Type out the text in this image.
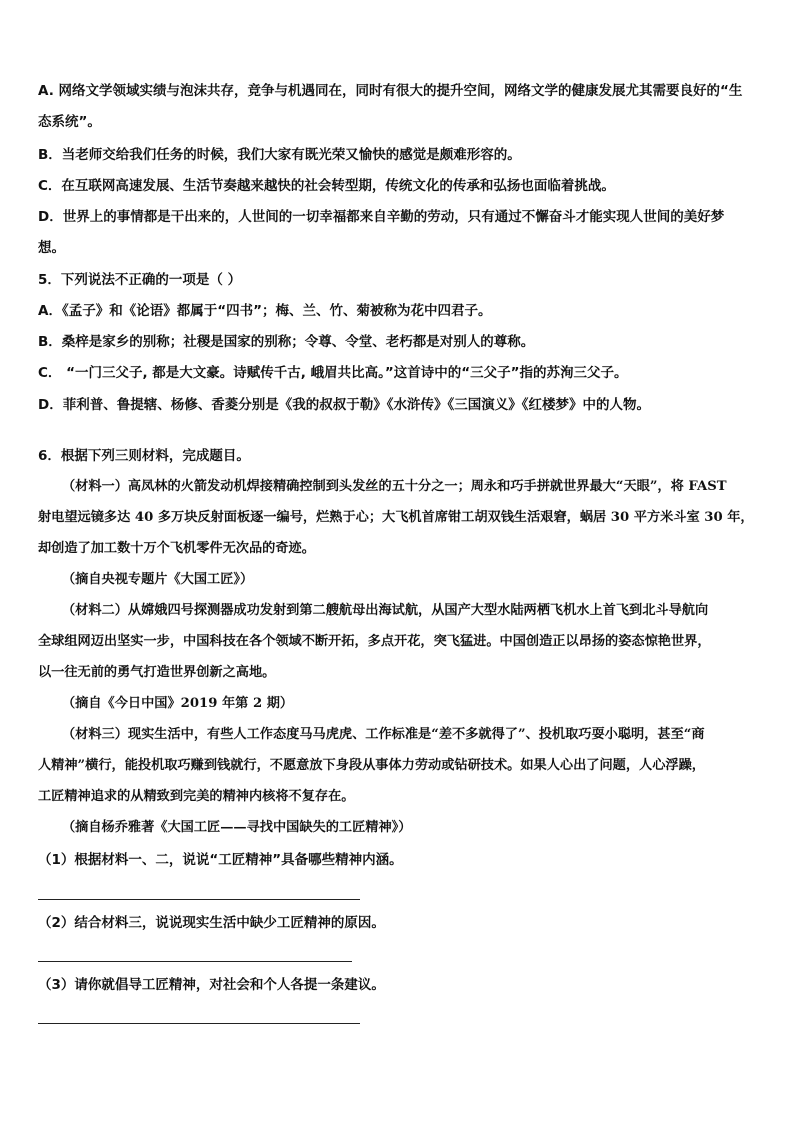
A. 网络文学领域实绩与泡沫共存，竞争与机遇同在，同时有很大的提升空间，网络文学的健康发展尤其需要良好的“生
态系统”。
B．当老师交给我们任务的时候，我们大家有既光荣又愉快的感觉是颇难形容的。
C．在互联网高速发展、生活节奏越来越快的社会转型期，传统文化的传承和弘扬也面临着挑战。
D．世界上的事情都是干出来的，人世间的一切幸福都来自辛勤的劳动，只有通过不懈奋斗才能实现人世间的美好梦
想。
5．下列说法不正确的一项是（ ）
A．《孟子》和《论语》都属于“四书”；梅、兰、竹、菊被称为花中四君子。
B．桑梓是家乡的别称；社稷是国家的别称；令尊、令堂、老朽都是对别人的尊称。
C． “一门三父子, 都是大文豪。诗赋传千古, 峨眉共比高。”这首诗中的“三父子”指的苏洵三父子。
D．菲利普、鲁提辖、杨修、香菱分别是《我的叔叔于勒》《水浒传》《三国演义》《红楼梦》中的人物。
6．根据下列三则材料，完成题目。
（材料一）高凤林的火箭发动机焊接精确控制到头发丝的五十分之一；周永和巧手拼就世界最大“天眼”，将 FAST
射电望远镜多达 40 多万块反射面板逐一编号，烂熟于心；大飞机首席钳工胡双钱生活艰窘，蜗居 30 平方米斗室 30 年，
却创造了加工数十万个飞机零件无次品的奇迹。
（摘自央视专题片《大国工匠》）
（材料二）从嫦娥四号探测器成功发射到第二艘航母出海试航，从国产大型水陆两栖飞机水上首飞到北斗导航向
全球组网迈出坚实一步，中国科技在各个领域不断开拓，多点开花，突飞猛进。中国创造正以昂扬的姿态惊艳世界，
以一往无前的勇气打造世界创新之高地。
（摘自《今日中国》2019 年第 2 期）
（材料三）现实生活中，有些人工作态度马马虎虎、工作标准是“差不多就得了”、投机取巧耍小聪明，甚至“商
人精神”横行，能投机取巧赚到钱就行，不愿意放下身段从事体力劳动或钻研技术。如果人心出了问题，人心浮躁，
工匠精神追求的从精致到完美的精神内核将不复存在。
（摘自杨乔雅著《大国工匠——寻找中国缺失的工匠精神》）
（1）根据材料一、二，说说“工匠精神”具备哪些精神内涵。
（2）结合材料三，说说现实生活中缺少工匠精神的原因。
（3）请你就倡导工匠精神，对社会和个人各提一条建议。
